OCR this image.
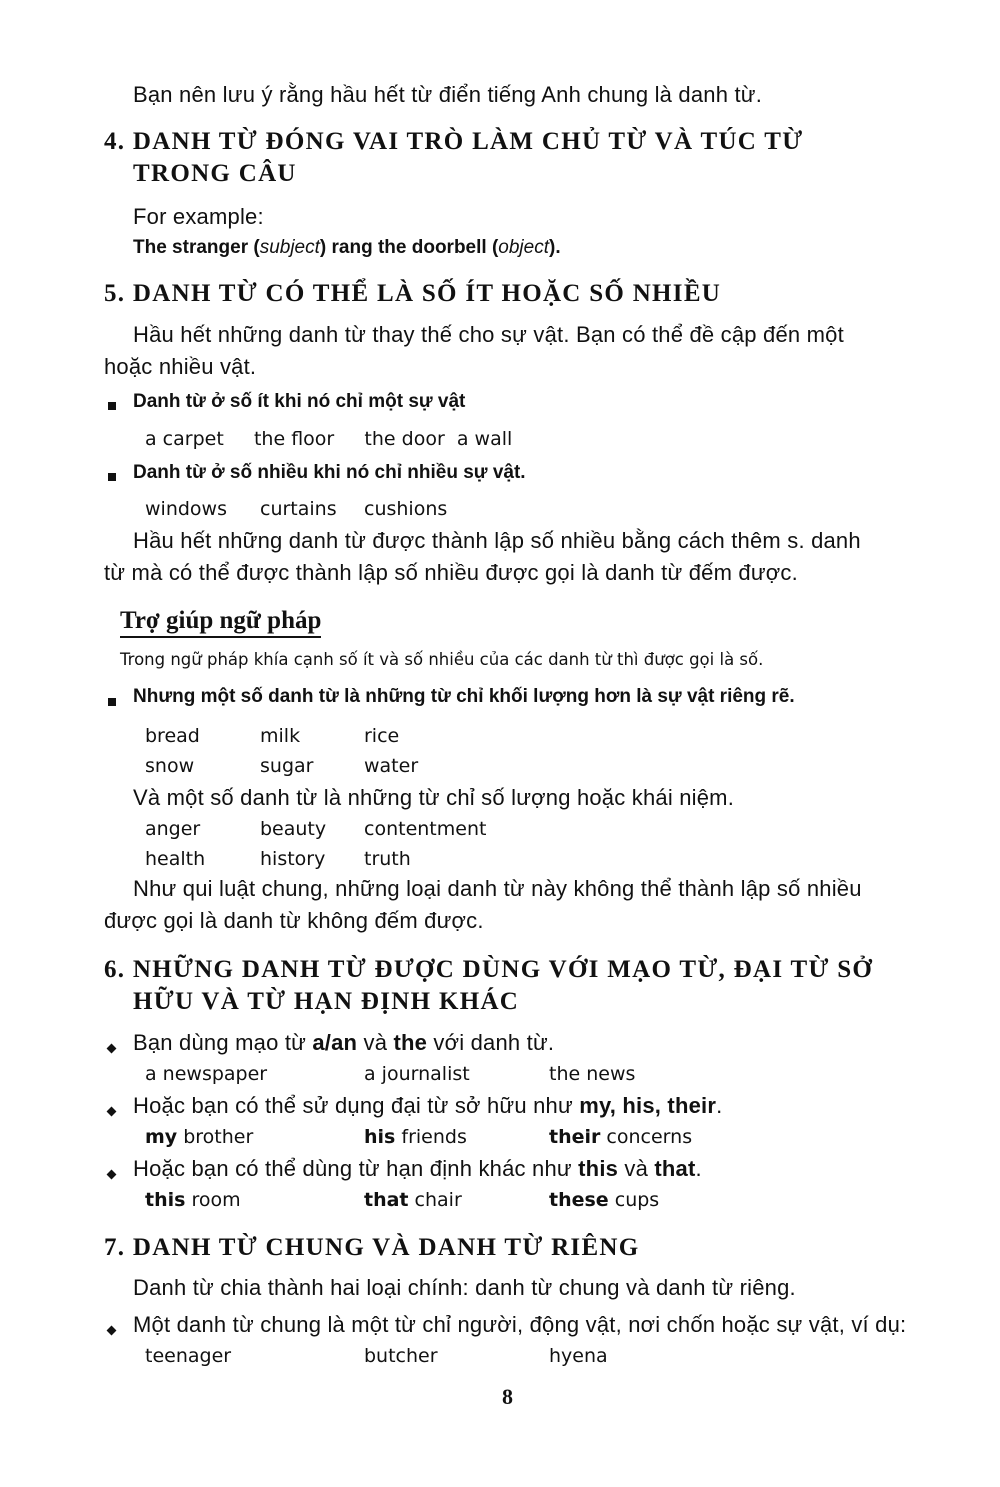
Bạn nên lưu ý rằng hầu hết từ điển tiếng Anh chung là danh từ.
4. DANH TỪ ĐÓNG VAI TRÒ LÀM CHỦ TỪ VÀ TÚC TỪ
TRONG CÂU
For example:
The stranger (subject) rang the doorbell (object).
5. DANH TỪ CÓ THỂ LÀ SỐ ÍT HOẶC SỐ NHIỀU
Hầu hết những danh từ thay thế cho sự vật. Bạn có thể đề cập đến một
hoặc nhiều vật.
Danh từ ở số ít khi nó chỉ một sự vật
a carpet     the floor     the door  a wall
Danh từ ở số nhiều khi nó chỉ nhiều sự vật.
windows curtains cushions
Hầu hết những danh từ được thành lập số nhiều bằng cách thêm s. danh
từ mà có thể được thành lập số nhiều được gọi là danh từ đếm được.
Trợ giúp ngữ pháp
Trong ngữ pháp khía cạnh số ít và số nhiều của các danh từ thì được gọi là số.
Nhưng một số danh từ là những từ chỉ khối lượng hơn là sự vật riêng rẽ.
bread	milk	rice
snow	sugar	water
Và một số danh từ là những từ chỉ số lượng hoặc khái niệm.
anger	beauty contentment
health	history truth
Như qui luật chung, những loại danh từ này không thể thành lập số nhiều
được gọi là danh từ không đếm được.
6. NHỮNG DANH TỪ ĐƯỢC DÙNG VỚI MẠO TỪ, ĐẠI TỪ SỞ
HỮU VÀ TỪ HẠN ĐỊNH KHÁC
Bạn dùng mạo từ a/an và the với danh từ.
a newspaper	a journalist	the news
Hoặc bạn có thể sử dụng đại từ sở hữu như my, his, their.
my brother	his friends	their concerns
Hoặc bạn có thể dùng từ hạn định khác như this và that.
this room	that chair	these cups
7. DANH TỪ CHUNG VÀ DANH TỪ RIÊNG
Danh từ chia thành hai loại chính: danh từ chung và danh từ riêng.
Một danh từ chung là một từ chỉ người, động vật, nơi chốn hoặc sự vật, ví dụ:
teenager	butcher	hyena
8
